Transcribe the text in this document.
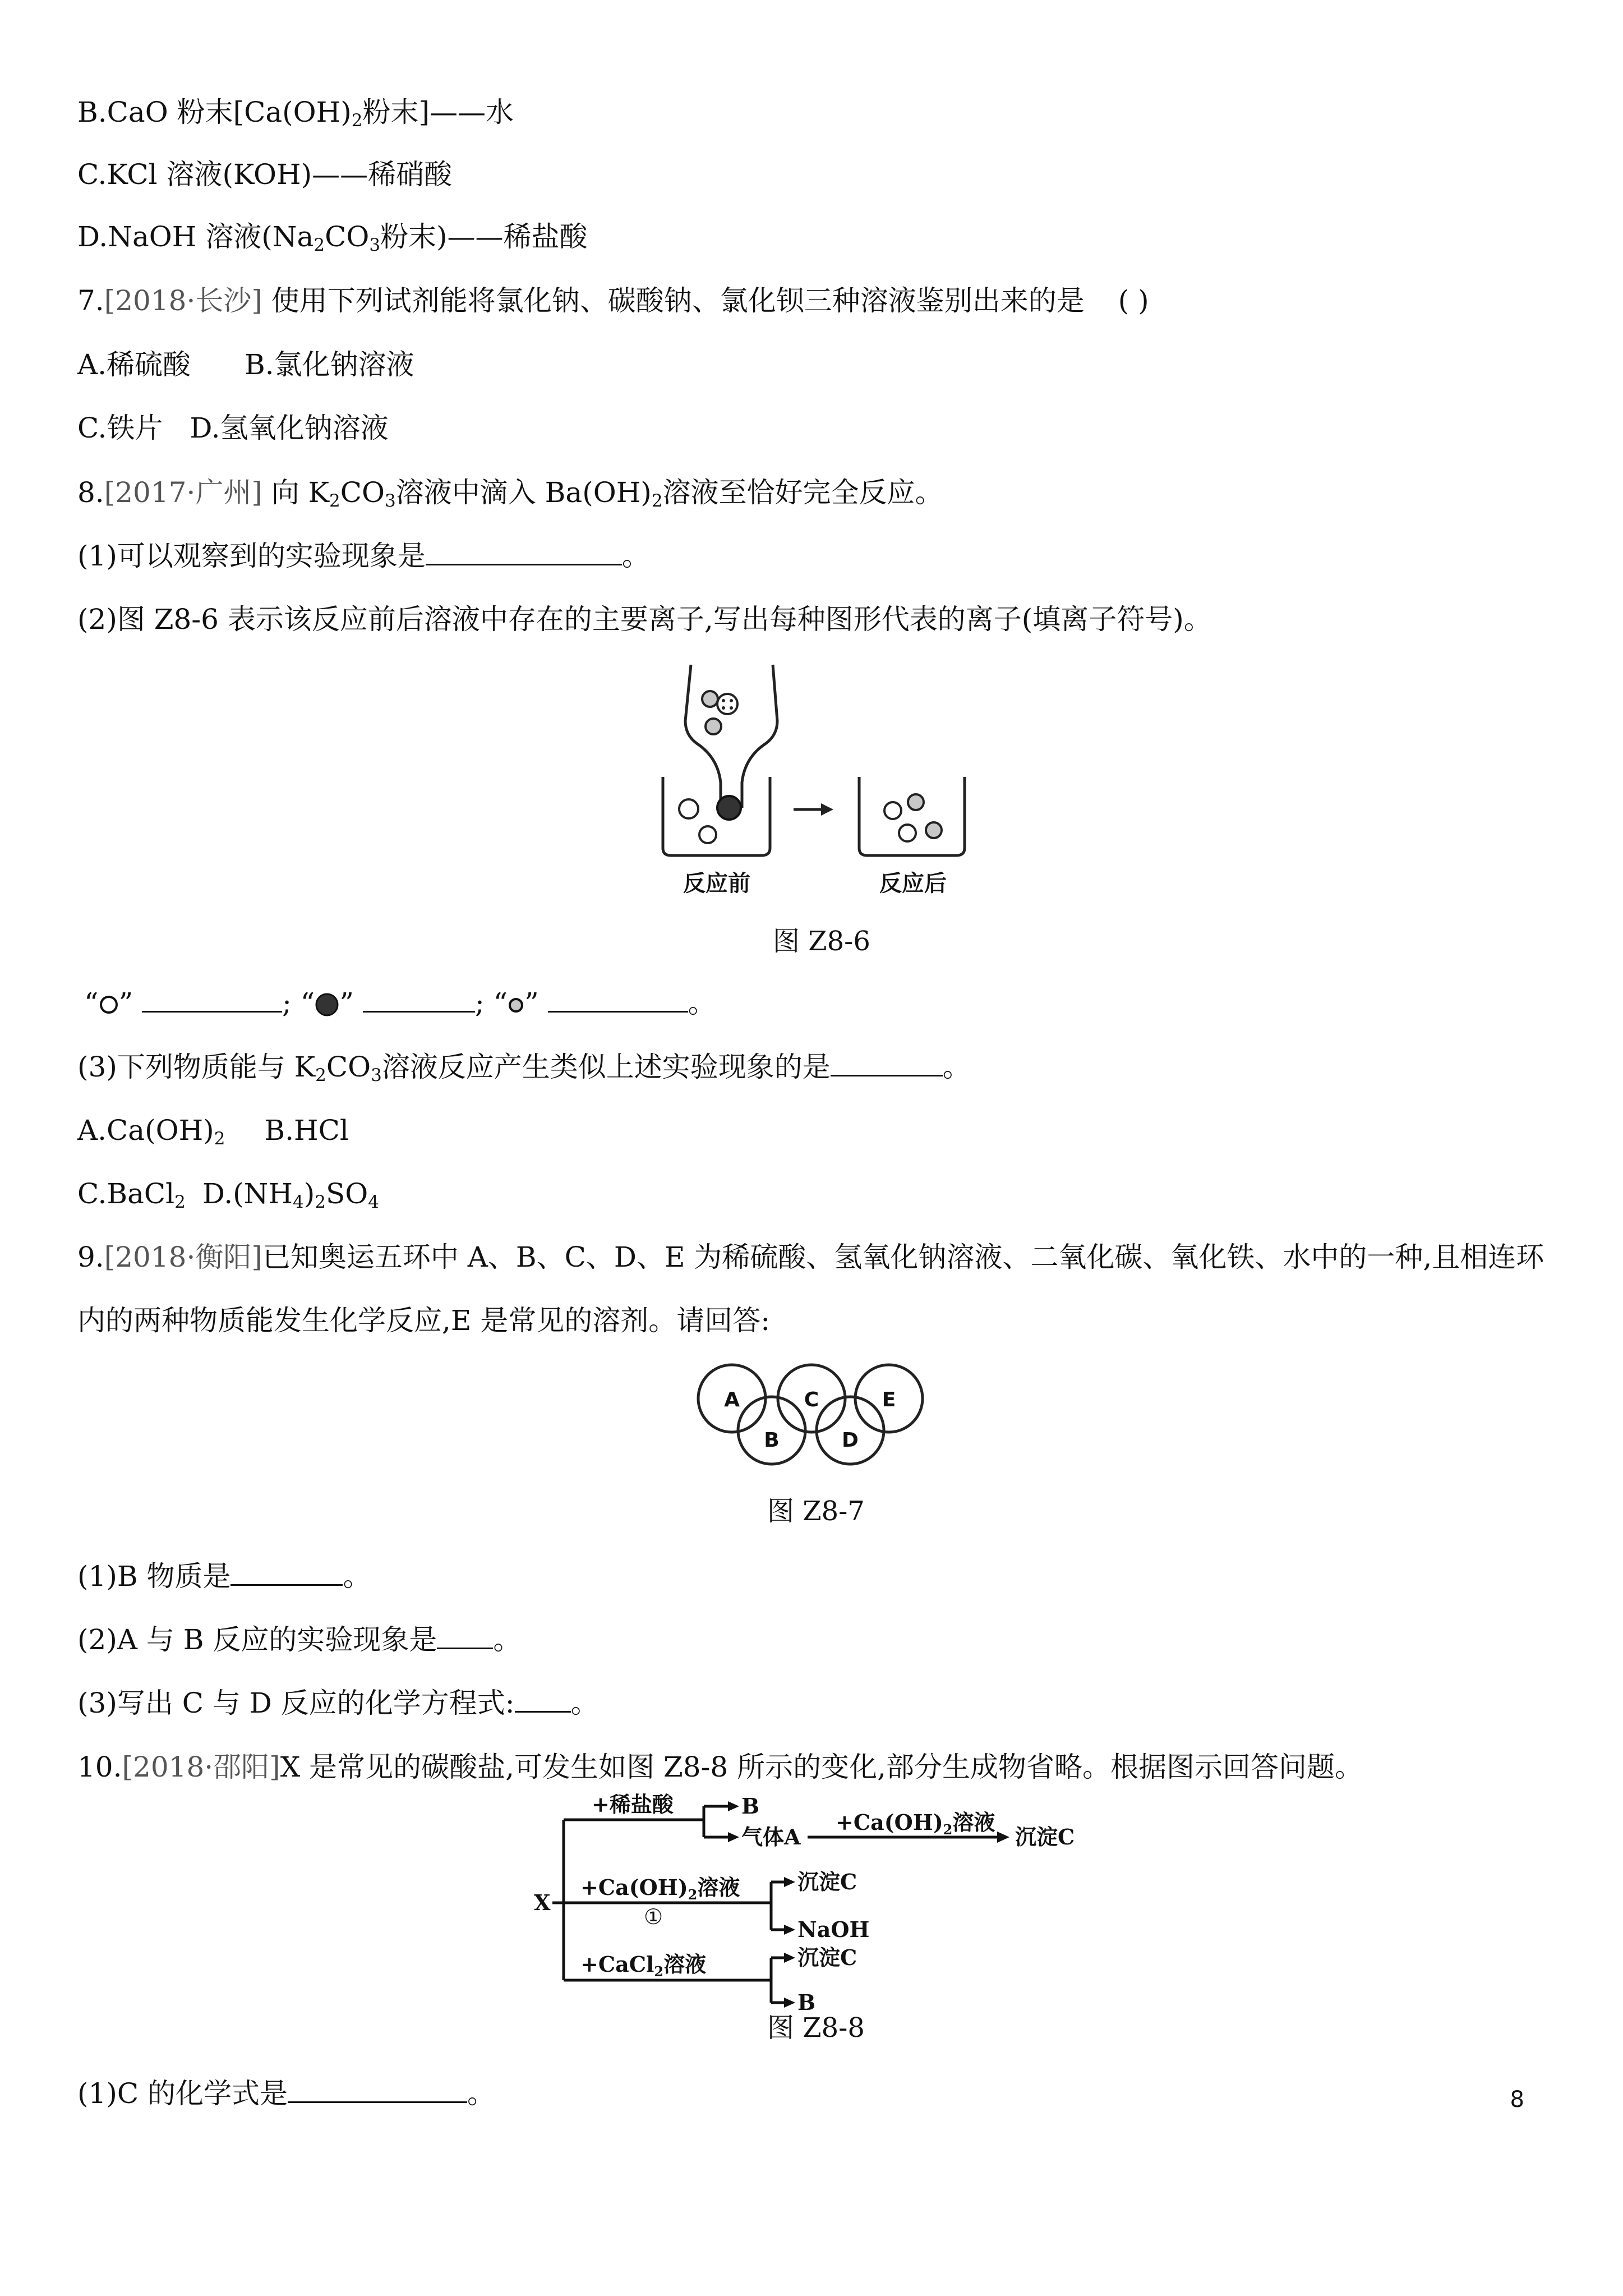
B.CaO 粉末[$Ca(OH)_2$粉末]——水
C.KCl 溶液(KOH)——稀硝酸
D.NaOH 溶液($Na_2CO_3$粉末)——稀盐酸
7.[2018·长沙] 使用下列试剂能将氯化钠、碳酸钠、氯化钡三种溶液鉴别出来的是 ( )
A.稀硫酸 B.氯化钠溶液
C.铁片 D.氢氧化钠溶液
8.[2017·广州] 向 $K_2CO_3$溶液中滴入 $Ba(OH)_2$溶液至恰好完全反应。
(1)可以观察到的实验现象是	。
(2)图 Z8-6 表示该反应前后溶液中存在的主要离子,写出每种图形代表的离子(填离子符号)。
反应前	反应后
图 Z8-6
“ ”	; “ ”	; “ ”	。
(3)下列物质能与 $K_2CO_3$溶液反应产生类似上述实验现象的是	。
$A.Ca(OH)_2$ B.HCl
C.BaCl$_2$ $D.(NH_4)_2SO_4$
9.[2018·衡阳]已知奥运五环中 A、B、C、D、E 为稀硫酸、氢氧化钠溶液、二氧化碳、氧化铁、水中的一种,且相连环
内的两种物质能发生化学反应,E 是常见的溶剂。请回答:
A
B
C
D
E
图 Z8-7
(1)B 物质是	。
(2)A 与 B 反应的实验现象是 。
(3)写出 C 与 D 反应的化学方程式: 。
10.[2018·邵阳]X 是常见的碳酸盐,可发生如图 Z8-8 所示的变化,部分生成物省略。根据图示回答问题。
X
+稀盐酸	B
气体A
$+Ca(OH)_2$溶液
沉淀C
$+Ca(OH)_2$溶液
①
沉淀C
NaOH
+CaCl$_2$溶液	沉淀C
B
图 Z8-8
(1)C 的化学式是	。	8
